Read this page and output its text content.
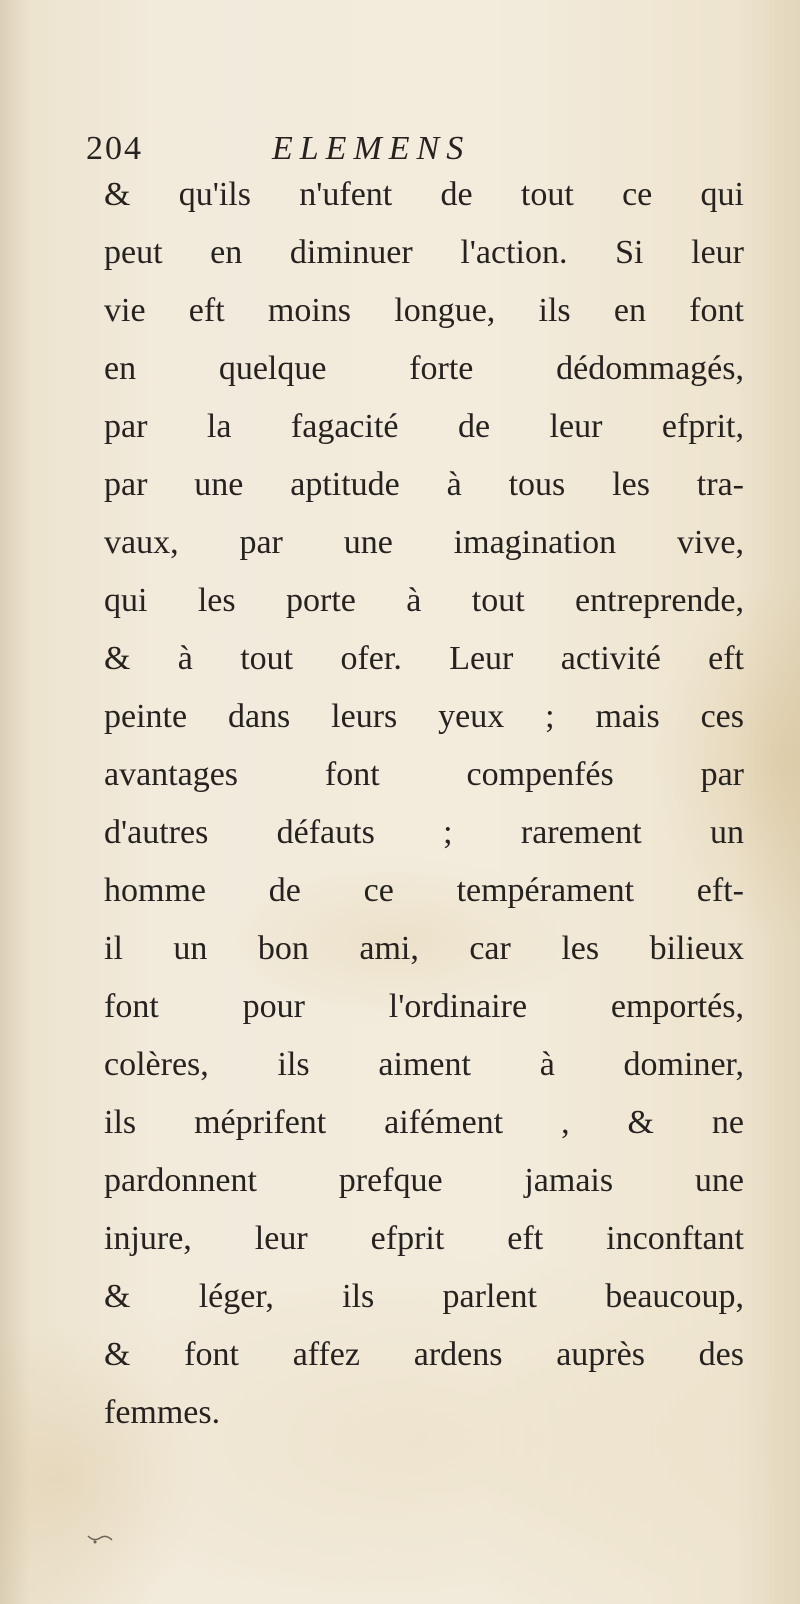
204	ELEMENS
& qu'ils n'ufent de tout ce qui
peut en diminuer l'action. Si leur
vie eft moins longue, ils en font
en quelque forte dédommagés,
par la fagacité de leur efprit,
par une aptitude à tous les tra-
vaux, par une imagination vive,
qui les porte à tout entreprende,
& à tout ofer. Leur activité eft
peinte dans leurs yeux ; mais ces
avantages font compenfés par
d'autres défauts ; rarement un
homme de ce tempérament eft-
il un bon ami, car les bilieux
font pour l'ordinaire emportés,
colères, ils aiment à dominer,
ils méprifent aifément , & ne
pardonnent prefque jamais une
injure, leur efprit eft inconftant
& léger, ils parlent beaucoup,
& font affez ardens auprès des
femmes.
